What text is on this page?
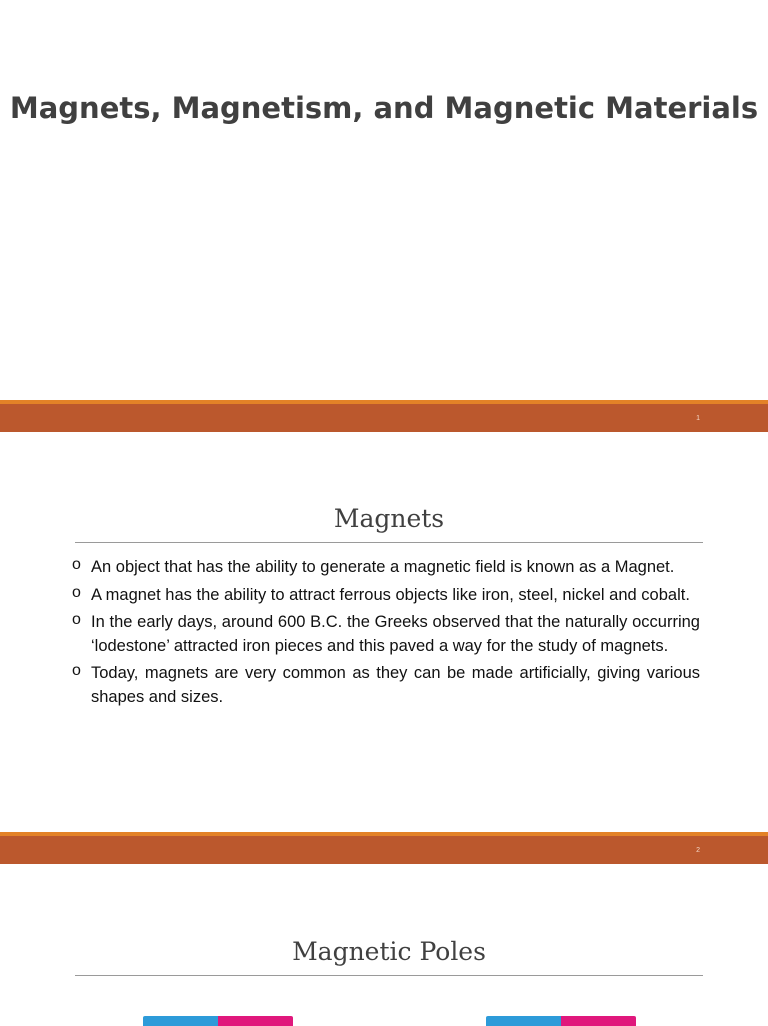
Magnets, Magnetism, and Magnetic Materials
1
Magnets
o An object that has the ability to generate a magnetic field is known as a Magnet.
o A magnet has the ability to attract ferrous objects like iron, steel, nickel and cobalt.
o In the early days, around 600 B.C. the Greeks observed that the naturally occurring ‘lodestone’ attracted iron pieces and this paved a way for the study of magnets.
o Today, magnets are very common as they can be made artificially, giving various shapes and sizes.
2
Magnetic Poles
